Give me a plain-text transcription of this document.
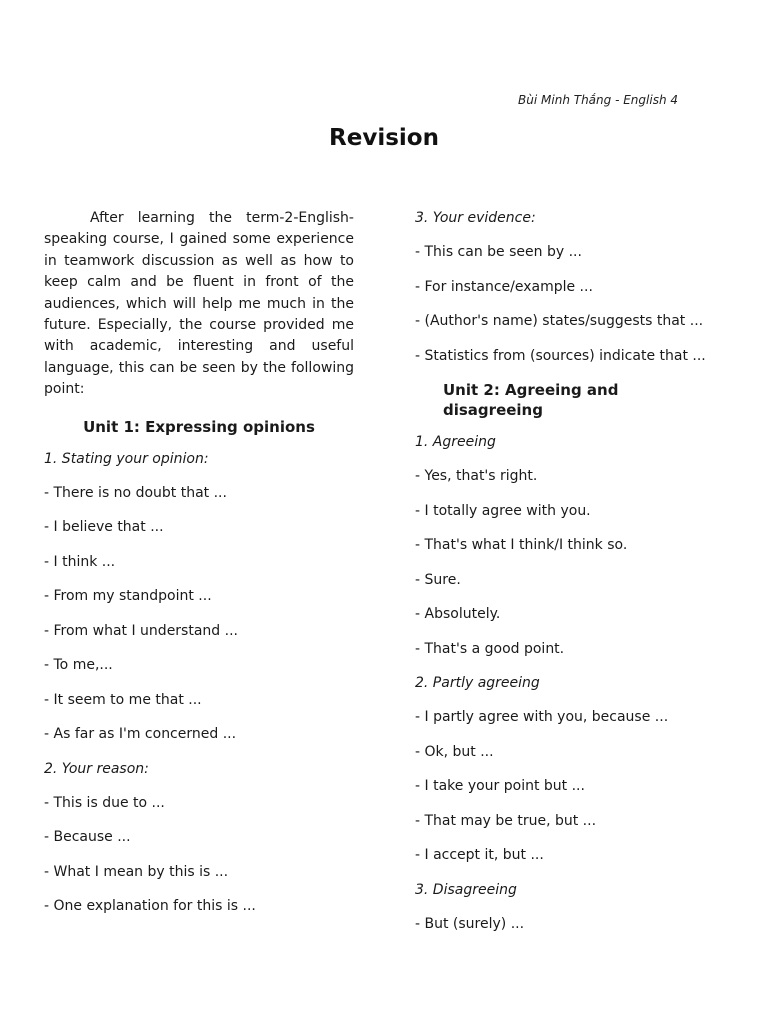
Bùi Minh Thắng - English 4
Revision

After learning the term-2-English-speaking course, I gained some experience in teamwork discussion as well as how to keep calm and be fluent in front of the audiences, which will help me much in the future. Especially, the course provided me with academic, interesting and useful language, this can be seen by the following point:

Unit 1: Expressing opinions
1. Stating your opinion:
- There is no doubt that ...
- I believe that ...
- I think ...
- From my standpoint ...
- From what I understand ...
- To me,...
- It seem to me that ...
- As far as I'm concerned ...
2. Your reason:
- This is due to ...
- Because ...
- What I mean by this is ...
- One explanation for this is ...
3. Your evidence:
- This can be seen by ...
- For instance/example ...
- (Author's name) states/suggests that ...
- Statistics from (sources) indicate that ...
Unit 2: Agreeing and disagreeing
1. Agreeing
- Yes, that's right.
- I totally agree with you.
- That's what I think/I think so.
- Sure.
- Absolutely.
- That's a good point.
2. Partly agreeing
- I partly agree with you, because ...
- Ok, but ...
- I take your point but ...
- That may be true, but ...
- I accept it, but ...
3. Disagreeing
- But (surely) ...
